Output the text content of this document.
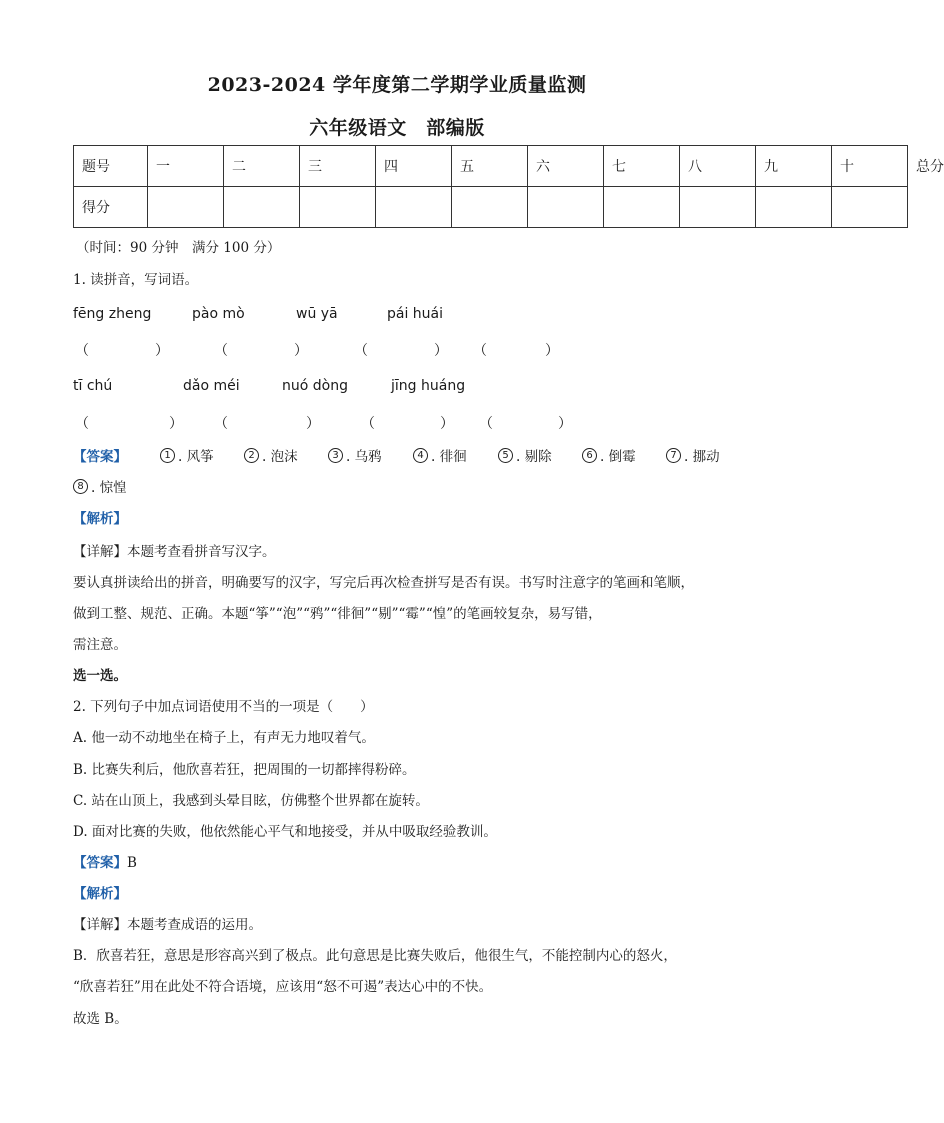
2023-2024 学年度第二学期学业质量监测
六年级语文　部编版
题号	一	二	三	四	五	六	七	八	九	十	总分
得分											
（时间：90 分钟　满分 100 分）
1. 读拼音，写词语。
fēng zheng	pào mò	wū yā	pái huái
（	）	（	）	（	） （	）
tī chú	dǎo méi	nuó dòng	jīng huáng
（	） （	）	（	） （	）
【答案】	1 . 风筝	2 . 泡沫	3 . 乌鸦	4 . 徘徊	5 . 剔除	6 . 倒霉	7 . 挪动
8 . 惊惶
【解析】
【详解】本题考查看拼音写汉字。
要认真拼读给出的拼音，明确要写的汉字，写完后再次检查拼写是否有误。书写时注意字的笔画和笔顺，
做到工整、规范、正确。本题“筝”“泡”“鸦”“徘徊”“剔”“霉”“惶”的笔画较复杂，易写错，
需注意。
选一选。
2. 下列句子中加点词语使用不当的一项是（　　）
A. 他一动不动地坐在椅子上，有声无力地叹着气。
B. 比赛失利后，他欣喜若狂，把周围的一切都摔得粉碎。
C. 站在山顶上，我感到头晕目眩，仿佛整个世界都在旋转。
D. 面对比赛的失败，他依然能心平气和地接受，并从中吸取经验教训。
【答案】B
【解析】
【详解】本题考查成语的运用。
B．欣喜若狂，意思是形容高兴到了极点。此句意思是比赛失败后，他很生气，不能控制内心的怒火，
“欣喜若狂”用在此处不符合语境，应该用“怒不可遏”表达心中的不快。
故选 B。
